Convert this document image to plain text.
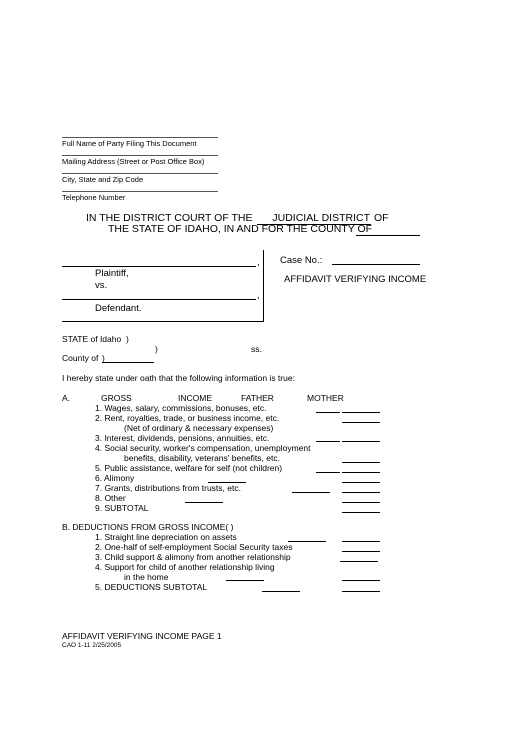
Full Name of Party Filing This Document
Mailing Address (Street or Post Office Box)
City, State and Zip Code
Telephone Number
IN THE DISTRICT COURT OF THE JUDICIAL DISTRICT OF
THE STATE OF IDAHO, IN AND FOR THE COUNTY OF
,
Plaintiff,
vs.
,
Defendant.
Case No.:
AFFIDAVIT VERIFYING INCOME
STATE of Idaho )
)	ss.
County of )
I hereby state under oath that the following information is true:
A.	GROSS	INCOME	FATHER	MOTHER
1. Wages, salary, commissions, bonuses, etc.
2. Rent, royalties, trade, or business income, etc.
(Net of ordinary & necessary expenses)
3. Interest, dividends, pensions, annuities, etc.
4. Social security, worker's compensation, unemployment
benefits, disability, veterans' benefits, etc.
5. Public assistance, welfare for self (not children)
6. Alimony
7. Grants, distributions from trusts, etc.
8. Other
9. SUBTOTAL
B. DEDUCTIONS FROM GROSS INCOME( )
1. Straight line depreciation on assets
2. One-half of self-employment Social Security taxes
3. Child support & alimony from another relationship
4. Support for child of another relationship living
in the home
5. DEDUCTIONS SUBTOTAL
AFFIDAVIT VERIFYING INCOME PAGE 1
CAO 1-11 2/25/2005
